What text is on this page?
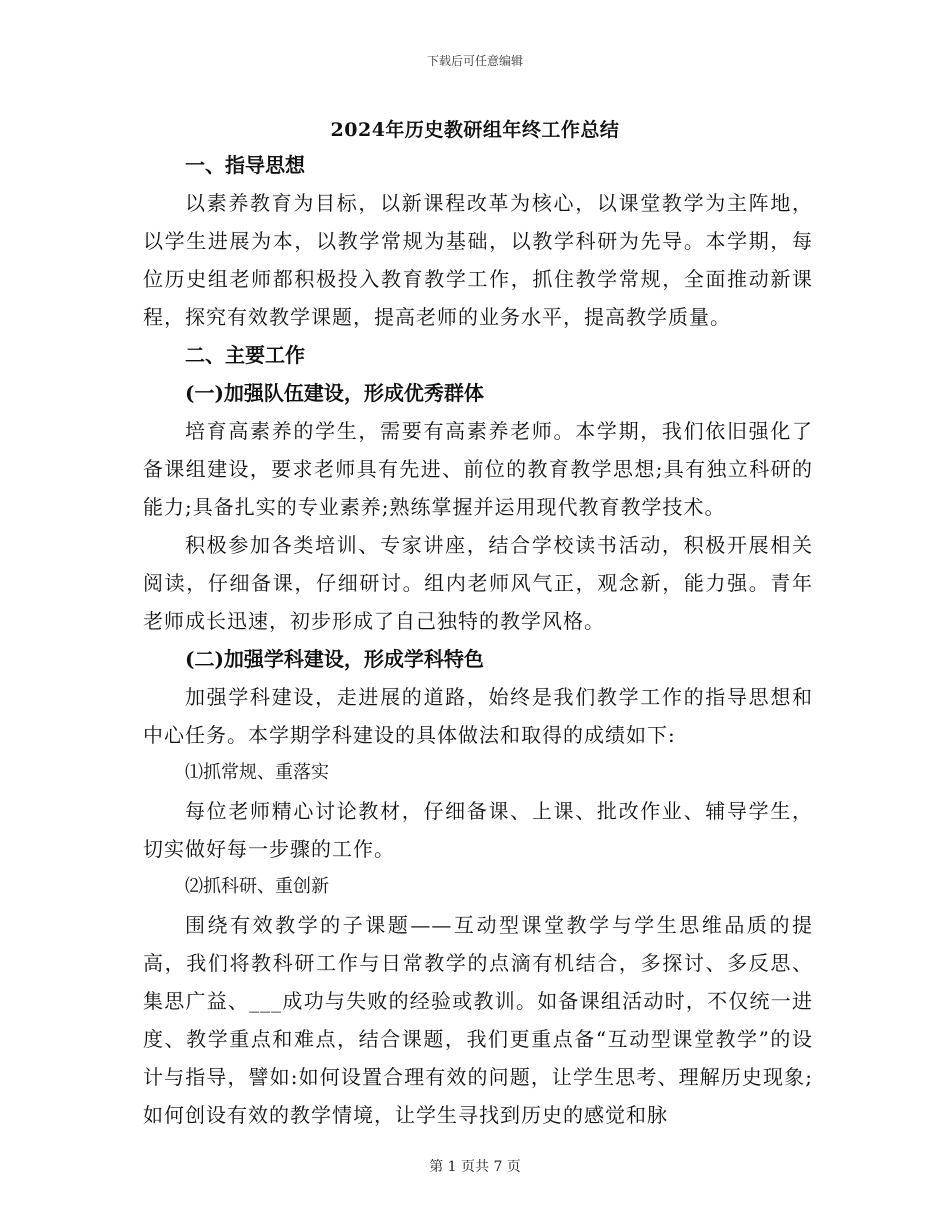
下载后可任意编辑
2024年历史教研组年终工作总结

一、指导思想

以素养教育为目标，以新课程改革为核心，以课堂教学为主阵地，以学生进展为本，以教学常规为基础，以教学科研为先导。本学期，每位历史组老师都积极投入教育教学工作，抓住教学常规，全面推动新课程，探究有效教学课题，提高老师的业务水平，提高教学质量。

二、主要工作

(一)加强队伍建设，形成优秀群体

培育高素养的学生，需要有高素养老师。本学期，我们依旧强化了备课组建设，要求老师具有先进、前位的教育教学思想;具有独立科研的能力;具备扎实的专业素养;熟练掌握并运用现代教育教学技术。

积极参加各类培训、专家讲座，结合学校读书活动，积极开展相关阅读，仔细备课，仔细研讨。组内老师风气正，观念新，能力强。青年老师成长迅速，初步形成了自己独特的教学风格。

(二)加强学科建设，形成学科特色

加强学科建设，走进展的道路，始终是我们教学工作的指导思想和中心任务。本学期学科建设的具体做法和取得的成绩如下:

⑴抓常规、重落实

每位老师精心讨论教材，仔细备课、上课、批改作业、辅导学生，切实做好每一步骤的工作。

⑵抓科研、重创新

围绕有效教学的子课题——互动型课堂教学与学生思维品质的提高，我们将教科研工作与日常教学的点滴有机结合，多探讨、多反思、集思广益、___成功与失败的经验或教训。如备课组活动时，不仅统一进度、教学重点和难点，结合课题，我们更重点备“互动型课堂教学”的设计与指导，譬如:如何设置合理有效的问题，让学生思考、理解历史现象;如何创设有效的教学情境，让学生寻找到历史的感觉和脉

第 1 页共 7 页
